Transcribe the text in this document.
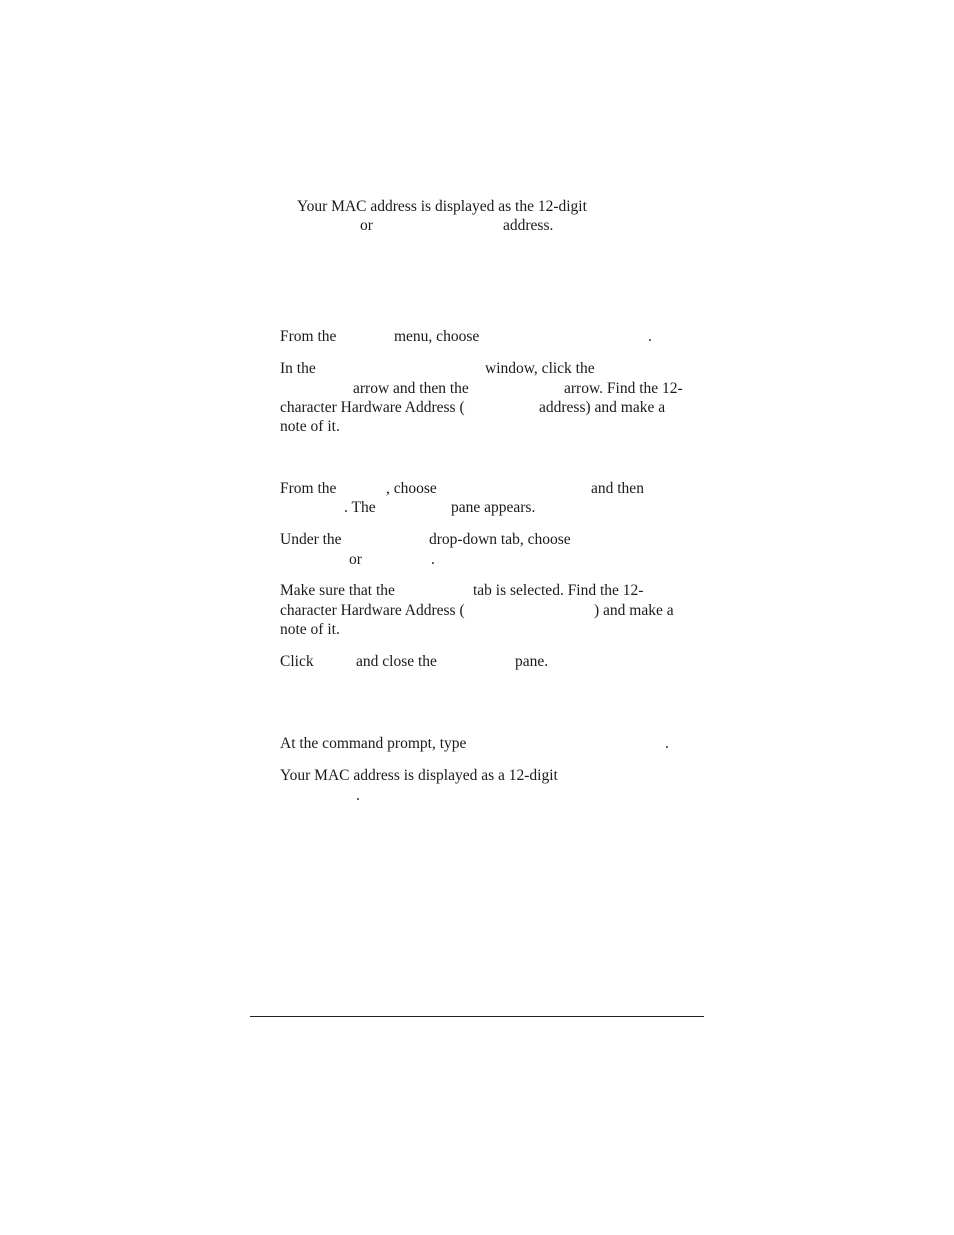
Your MAC address is displayed as the 12-digit
or	address.
From the	menu, choose	.
In the	window, click the
arrow and then the	arrow. Find the 12-
character Hardware Address (	address) and make a
note of it.
From the	, choose	and then
. The	pane appears.
Under the	drop-down tab, choose
or	.
Make sure that the	tab is selected. Find the 12-
character Hardware Address (	) and make a
note of it.
Click	and close the	pane.
At the command prompt, type	.
Your MAC address is displayed as a 12-digit
.
